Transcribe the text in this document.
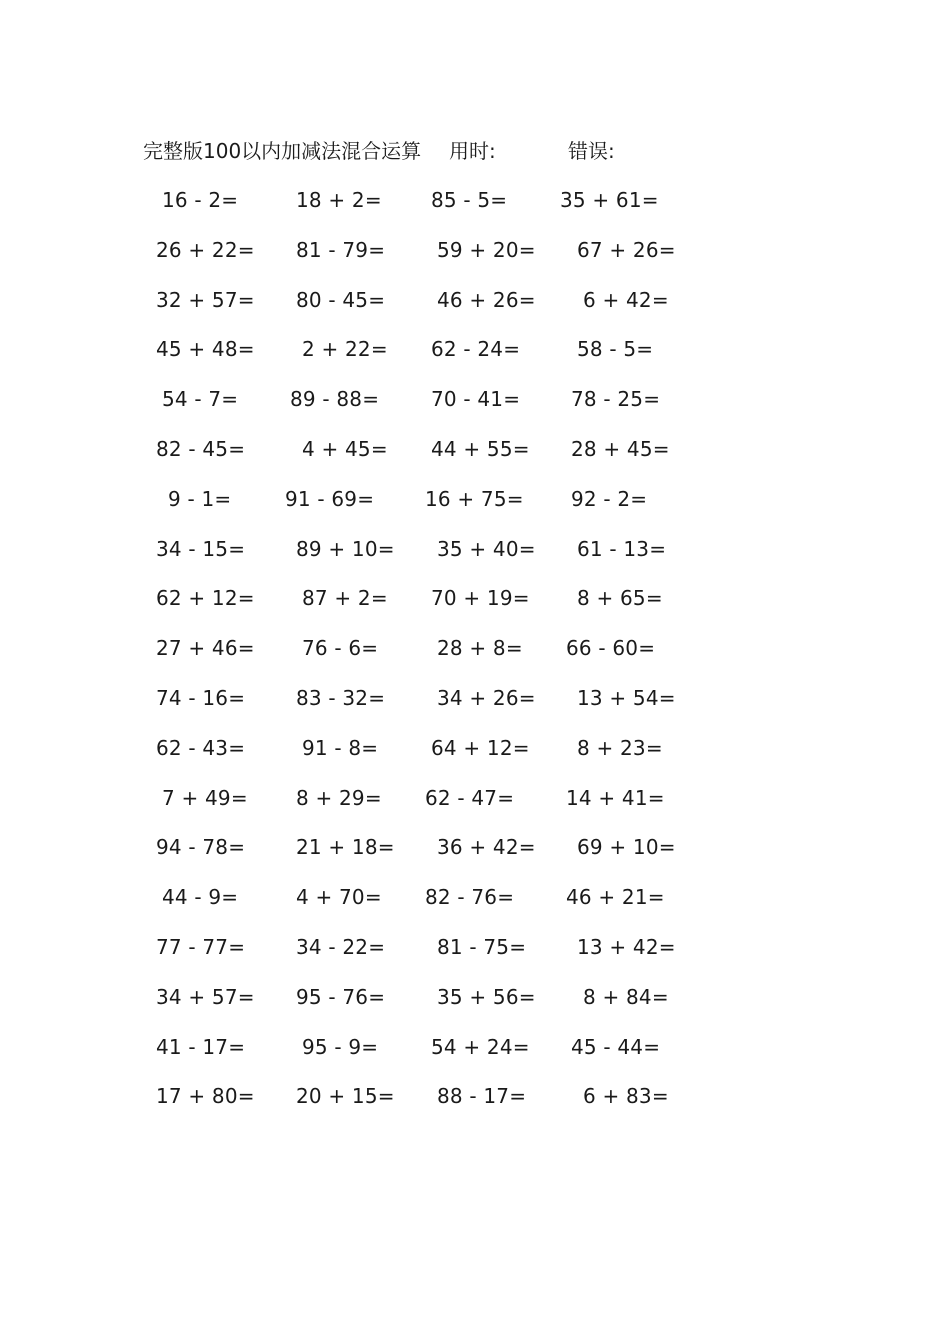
完整版100以内加减法混合运算 用时:	错误:
16 - 2=	18 + 2= 85 - 5=	35 + 61=
26 + 22= 81 - 79=	59 + 20= 67 + 26=
32 + 57= 80 - 45=	46 + 26= 6 + 42=
45 + 48= 2 + 22= 62 - 24=	58 - 5=
54 - 7=	89 - 88=	70 - 41=	78 - 25=
82 - 45=	4 + 45= 44 + 55= 28 + 45=
9 - 1=	91 - 69=	16 + 75= 92 - 2=
34 - 15=	89 + 10= 35 + 40= 61 - 13=
62 + 12= 87 + 2= 70 + 19= 8 + 65=
27 + 46= 76 - 6=	28 + 8= 66 - 60=
74 - 16=	83 - 32=	34 + 26= 13 + 54=
62 - 43=	91 - 8=	64 + 12= 8 + 23=
7 + 49= 8 + 29= 62 - 47=	14 + 41=
94 - 78=	21 + 18= 36 + 42= 69 + 10=
44 - 9=	4 + 70= 82 - 76=	46 + 21=
77 - 77=	34 - 22=	81 - 75=	13 + 42=
34 + 57= 95 - 76=	35 + 56= 8 + 84=
41 - 17=	95 - 9=	54 + 24= 45 - 44=
17 + 80= 20 + 15= 88 - 17=	6 + 83=
